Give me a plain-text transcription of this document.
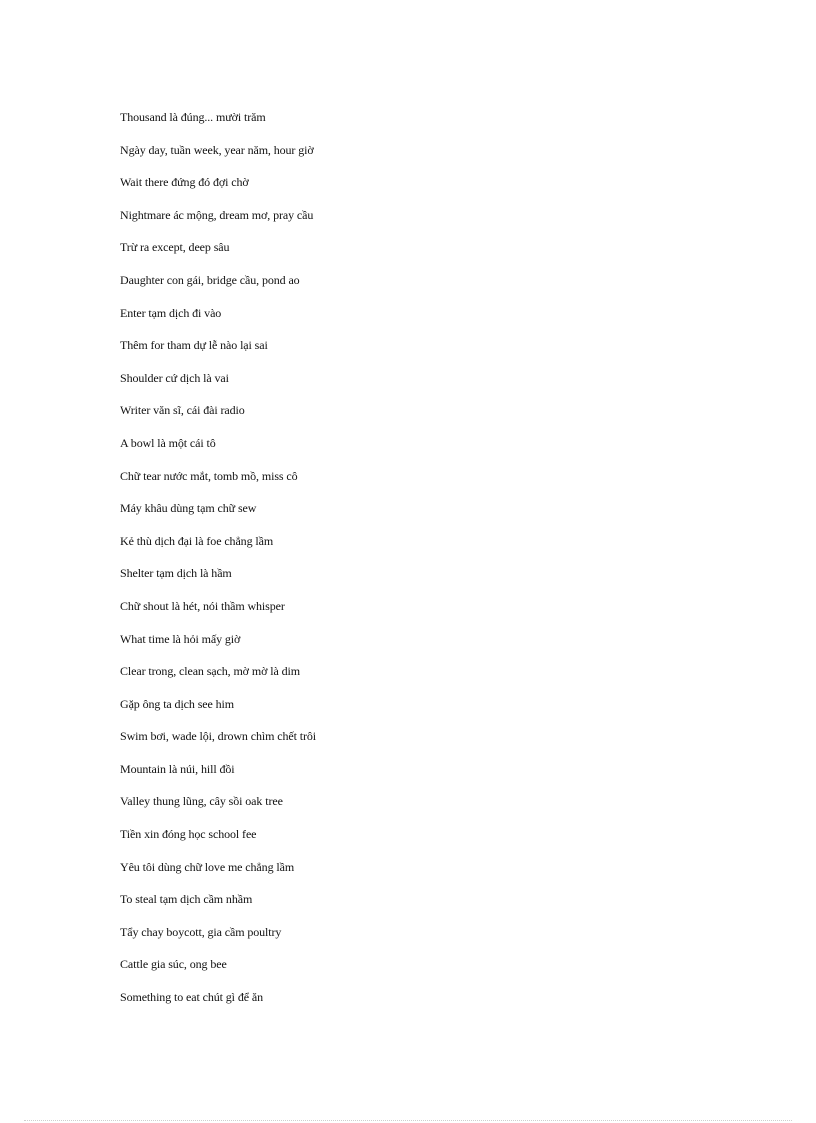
Thousand là đúng... mười trăm
Ngày day, tuần week, year năm, hour giờ
Wait there đứng đó đợi chờ
Nightmare ác mộng, dream mơ, pray cầu
Trừ ra except, deep sâu
Daughter con gái, bridge cầu, pond ao
Enter tạm dịch đi vào
Thêm for tham dự lễ nào lại sai
Shoulder cứ dịch là vai
Writer văn sĩ, cái đài radio
A bowl là một cái tô
Chữ tear nước mắt, tomb mồ, miss cô
Máy khâu dùng tạm chữ sew
Kẻ thù dịch đại là foe chẳng lầm
Shelter tạm dịch là hầm
Chữ shout là hét, nói thầm whisper
What time là hỏi mấy giờ
Clear trong, clean sạch, mờ mờ là dim
Gặp ông ta dịch see him
Swim bơi, wade lội, drown chìm chết trôi
Mountain là núi, hill đồi
Valley thung lũng, cây sồi oak tree
Tiền xin đóng học school fee
Yêu tôi dùng chữ love me chẳng lầm
To steal tạm dịch cầm nhầm
Tẩy chay boycott, gia cầm poultry
Cattle gia súc, ong bee
Something to eat chút gì để ăn
